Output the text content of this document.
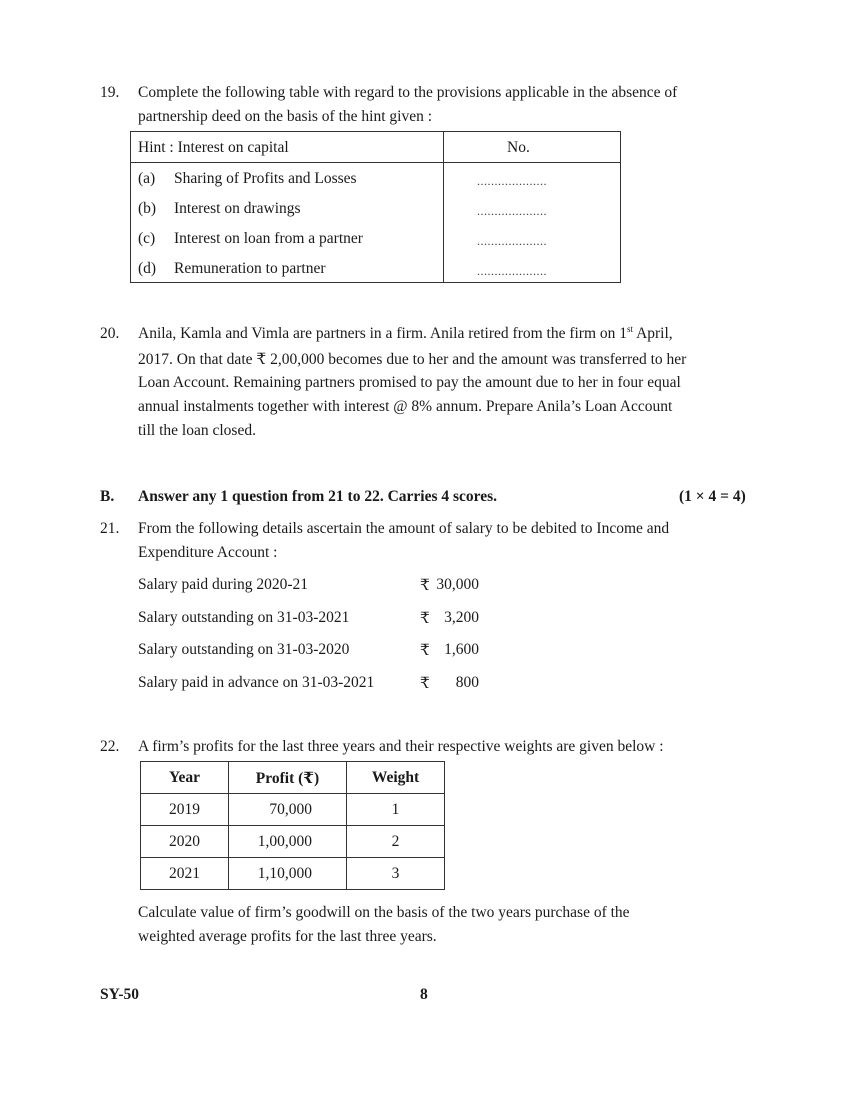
19. Complete the following table with regard to the provisions applicable in the absence of
partnership deed on the basis of the hint given :
Hint : Interest on capital	No.
(a) Sharing of Profits and Losses	....................
(b) Interest on drawings	....................
(c) Interest on loan from a partner	....................
(d) Remuneration to partner	....................
20. Anila, Kamla and Vimla are partners in a firm. Anila retired from the firm on 1st April,
2017. On that date ₹ 2,00,000 becomes due to her and the amount was transferred to her
Loan Account. Remaining partners promised to pay the amount due to her in four equal
annual instalments together with interest @ 8% annum. Prepare Anila’s Loan Account
till the loan closed.
B. Answer any 1 question from 21 to 22. Carries 4 scores.	(1 × 4 = 4)
21. From the following details ascertain the amount of salary to be debited to Income and
Expenditure Account :
Salary paid during 2020-21	₹ 30,000
Salary outstanding on 31-03-2021	₹ 3,200
Salary outstanding on 31-03-2020	₹ 1,600
Salary paid in advance on 31-03-2021	₹ 800
22. A firm’s profits for the last three years and their respective weights are given below :
Year	Profit (₹)	Weight
2019	70,000	1
2020	1,00,000	2
2021	1,10,000	3
Calculate value of firm’s goodwill on the basis of the two years purchase of the
weighted average profits for the last three years.
SY-50	8
